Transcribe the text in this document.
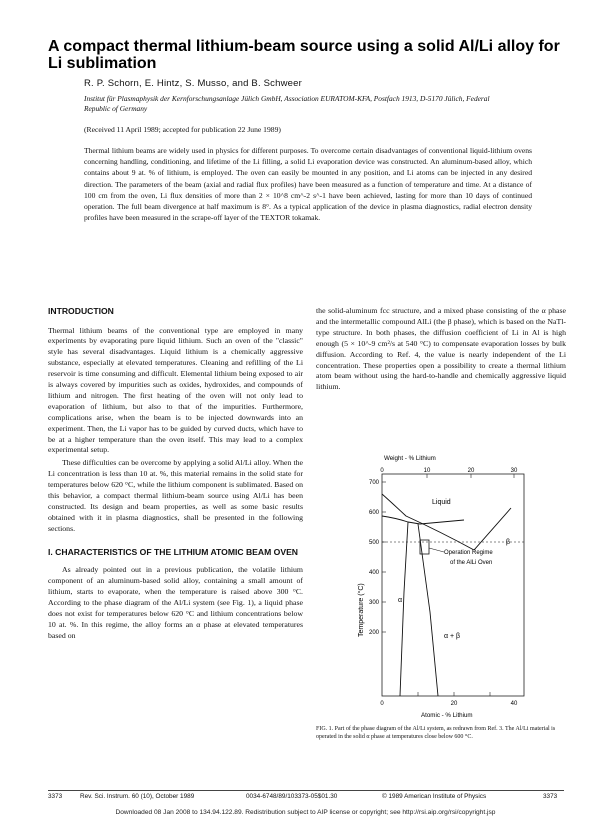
A compact thermal lithium-beam source using a solid Al/Li alloy for Li sublimation
R. P. Schorn, E. Hintz, S. Musso, and B. Schweer
Institut für Plasmaphysik der Kernforschungsanlage Jülich GmbH, Association EURATOM-KFA, Postfach 1913, D-5170 Jülich, Federal Republic of Germany
(Received 11 April 1989; accepted for publication 22 June 1989)
Thermal lithium beams are widely used in physics for different purposes. To overcome certain disadvantages of conventional liquid-lithium ovens concerning handling, conditioning, and lifetime of the Li filling, a solid Li evaporation device was constructed. An aluminum-based alloy, which contains about 9 at. % of lithium, is employed. The oven can easily be mounted in any position, and Li atoms can be injected in any desired direction. The parameters of the beam (axial and radial flux profiles) have been measured as a function of temperature and time. At a distance of 100 cm from the oven, Li flux densities of more than 2 × 10^8 cm^-2 s^-1 have been achieved, lasting for more than 10 days of continued operation. The full beam divergence at half maximum is 8°. As a typical application of the device in plasma diagnostics, radial electron density profiles have been measured in the scrape-off layer of the TEXTOR tokamak.
INTRODUCTION

Thermal lithium beams of the conventional type are employed in many experiments by evaporating pure liquid lithium. Such an oven of the "classic" style has several disadvantages. Liquid lithium is a chemically aggressive substance, especially at elevated temperatures. Cleaning and refilling of the Li reservoir is time consuming and difficult. Elemental lithium being exposed to air is always covered by impurities such as oxides, hydroxides, and compounds of lithium and nitrogen. The first heating of the oven will not only lead to evaporation of lithium, but also to that of the impurities. Furthermore, complications arise, when the beam is to be injected downwards into an experiment. Then, the Li vapor has to be guided by curved ducts, which have to be at a higher temperature than the oven itself. This may lead to a complex experimental setup.

These difficulties can be overcome by applying a solid Al/Li alloy. When the Li concentration is less than 10 at. %, this material remains in the solid state for temperatures below 620 °C, while the lithium component is sublimated. Based on this behavior, a compact thermal lithium-beam source using Al/Li has been constructed. Its design and beam properties, as well as some basic results obtained with it in plasma diagnostics, shall be presented in the following sections.

I. CHARACTERISTICS OF THE LITHIUM ATOMIC BEAM OVEN

As already pointed out in a previous publication, the volatile lithium component of an aluminum-based solid alloy, containing a small amount of lithium, starts to evaporate, when the temperature is raised above 300 °C. According to the phase diagram of the Al/Li system (see Fig. 1), a liquid phase does not exist for temperatures below 620 °C and lithium concentrations below 10 at. %. In this regime, the alloy forms an α phase at elevated temperatures based on

the solid-aluminum fcc structure, and a mixed phase consisting of the α phase and the intermetallic compound AlLi (the β phase), which is based on the NaTl-type structure. In both phases, the diffusion coefficient of Li in Al is high enough (5 × 10^-9 cm²/s at 540 °C) to compensate evaporation losses by bulk diffusion. According to Ref. 4, the value is nearly independent of the Li concentration. These properties open a possibility to create a thermal lithium atom beam without using the hard-to-handle and chemically aggressive liquid lithium.

Weight - % Lithium
0	10	20	30
700
600
500
400
300
200
Temperature (°C)
Operation Regime
of the AlLi Oven
Liquid
α
β
α + β
0	20	40
Atomic - % Lithium
FIG. 1. Part of the phase diagram of the Al/Li system, as redrawn from Ref. 3. The Al/Li material is operated in the solid α phase at temperatures close below 600 °C.
3373	Rev. Sci. Instrum. 60 (10), October 1989	0034-6748/89/103373-05$01.30	© 1989 American Institute of Physics	3373
Downloaded 08 Jan 2008 to 134.94.122.89. Redistribution subject to AIP license or copyright; see http://rsi.aip.org/rsi/copyright.jsp
